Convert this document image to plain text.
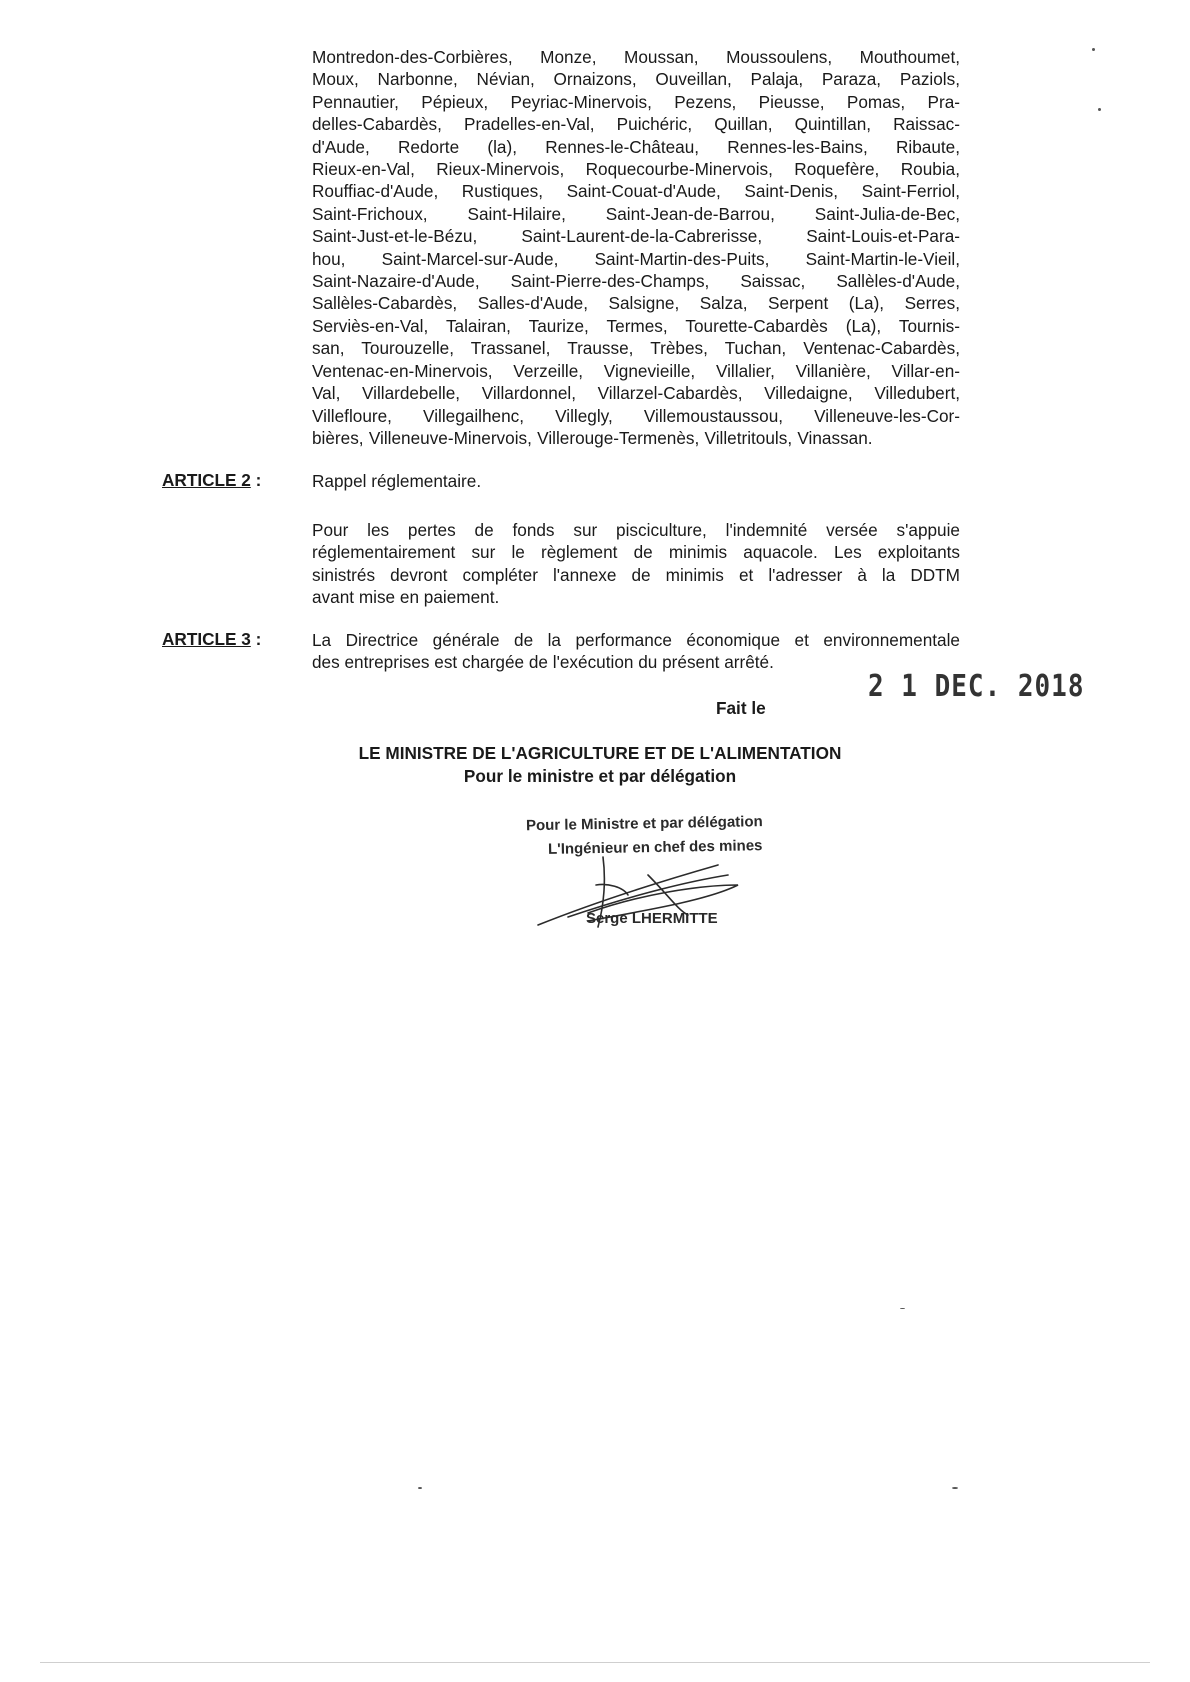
Montredon-des-Corbières, Monze, Moussan, Moussoulens, Mouthoumet,
Moux, Narbonne, Névian, Ornaizons, Ouveillan, Palaja, Paraza, Paziols,
Pennautier, Pépieux, Peyriac-Minervois, Pezens, Pieusse, Pomas, Pra-
delles-Cabardès, Pradelles-en-Val, Puichéric, Quillan, Quintillan, Raissac-
d'Aude, Redorte (la), Rennes-le-Château, Rennes-les-Bains, Ribaute,
Rieux-en-Val, Rieux-Minervois, Roquecourbe-Minervois, Roquefère, Roubia,
Rouffiac-d'Aude, Rustiques, Saint-Couat-d'Aude, Saint-Denis, Saint-Ferriol,
Saint-Frichoux, Saint-Hilaire, Saint-Jean-de-Barrou, Saint-Julia-de-Bec,
Saint-Just-et-le-Bézu, Saint-Laurent-de-la-Cabrerisse, Saint-Louis-et-Para-
hou, Saint-Marcel-sur-Aude, Saint-Martin-des-Puits, Saint-Martin-le-Vieil,
Saint-Nazaire-d'Aude, Saint-Pierre-des-Champs, Saissac, Sallèles-d'Aude,
Sallèles-Cabardès, Salles-d'Aude, Salsigne, Salza, Serpent (La), Serres,
Serviès-en-Val, Talairan, Taurize, Termes, Tourette-Cabardès (La), Tournis-
san, Tourouzelle, Trassanel, Trausse, Trèbes, Tuchan, Ventenac-Cabardès,
Ventenac-en-Minervois, Verzeille, Vignevieille, Villalier, Villanière, Villar-en-
Val, Villardebelle, Villardonnel, Villarzel-Cabardès, Villedaigne, Villedubert,
Villefloure, Villegailhenc, Villegly, Villemoustaussou, Villeneuve-les-Cor-
bières, Villeneuve-Minervois, Villerouge-Termenès, Villetritouls, Vinassan.
ARTICLE 2 :	Rappel réglementaire.
Pour les pertes de fonds sur pisciculture, l'indemnité versée s'appuie
réglementairement sur le règlement de minimis aquacole. Les exploitants
sinistrés devront compléter l'annexe de minimis et l'adresser à la DDTM
avant mise en paiement.
ARTICLE 3 :	La Directrice générale de la performance économique et environnementale
des entreprises est chargée de l'exécution du présent arrêté.
2 1 DEC. 2018
Fait le
LE MINISTRE DE L'AGRICULTURE ET DE L'ALIMENTATION
Pour le ministre et par délégation
Pour le Ministre et par délégation
L'Ingénieur en chef des mines
Serge LHERMITTE
